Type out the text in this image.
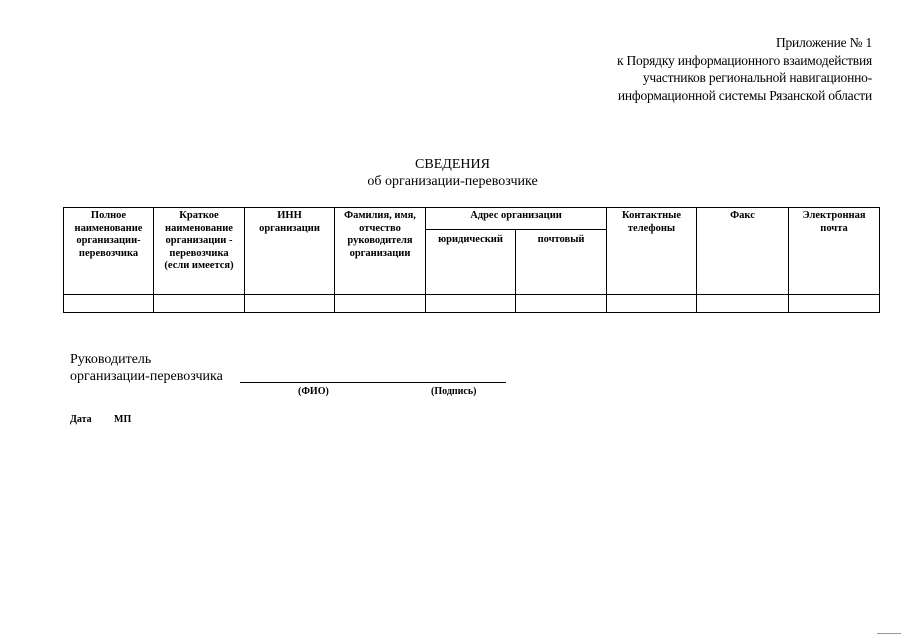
Приложение № 1
к Порядку информационного взаимодействия
участников региональной навигационно-
информационной системы Рязанской области
СВЕДЕНИЯ
об организации-перевозчике
Полное наименование организации-перевозчика	Краткое наименование организации - перевозчика (если имеется)	ИНН организации	Фамилия, имя, отчество руководителя организации	Адрес организации		Контактные телефоны	Факс	Электронная почта
				юридический	почтовый			

Руководитель
организации-перевозчика
(ФИО)	(Подпись)
Дата МП
